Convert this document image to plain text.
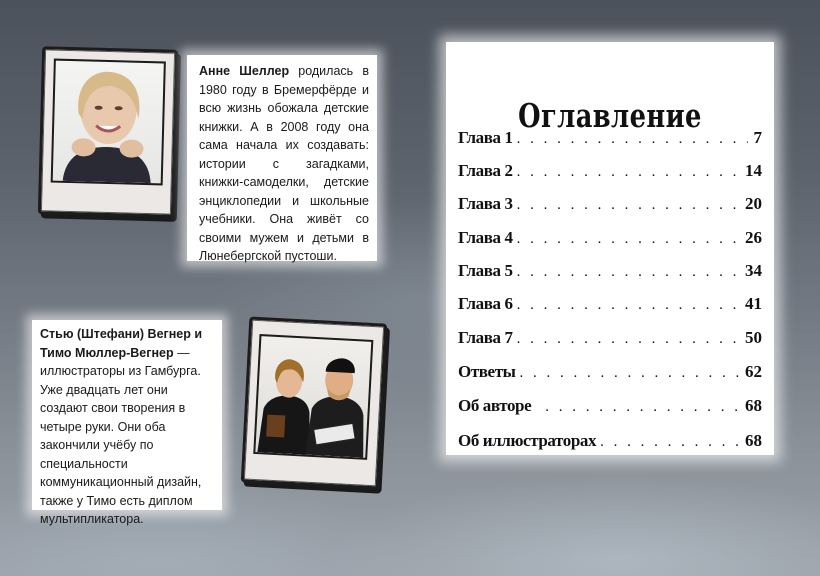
Анне Шеллер родилась в 1980 году в Бремерфёрде и всю жизнь обожала детские книжки. А в 2008 году она сама начала их создавать: истории с загадками, книжки-самоделки, детские энциклопедии и школьные учебники. Она живёт со своими мужем и детьми в Люнебергской пустоши.

Стью (Штефани) Вегнер и Тимо Мюллер-Вегнер — иллюстраторы из Гамбурга. Уже двадцать лет они создают свои творения в четыре руки. Они оба закончили учёбу по специальности коммуникационный дизайн, также у Тимо есть диплом мультипликатора.

Оглавление
Глава 1 . . .	7
Глава 2 . . .	14
Глава 3 . . .	20
Глава 4 . . .	26
Глава 5 . . .	34
Глава 6 . . .	41
Глава 7 . . .	50
Ответы . . .	62
Об авторе . . .	68
Об иллюстраторах . . .	68
